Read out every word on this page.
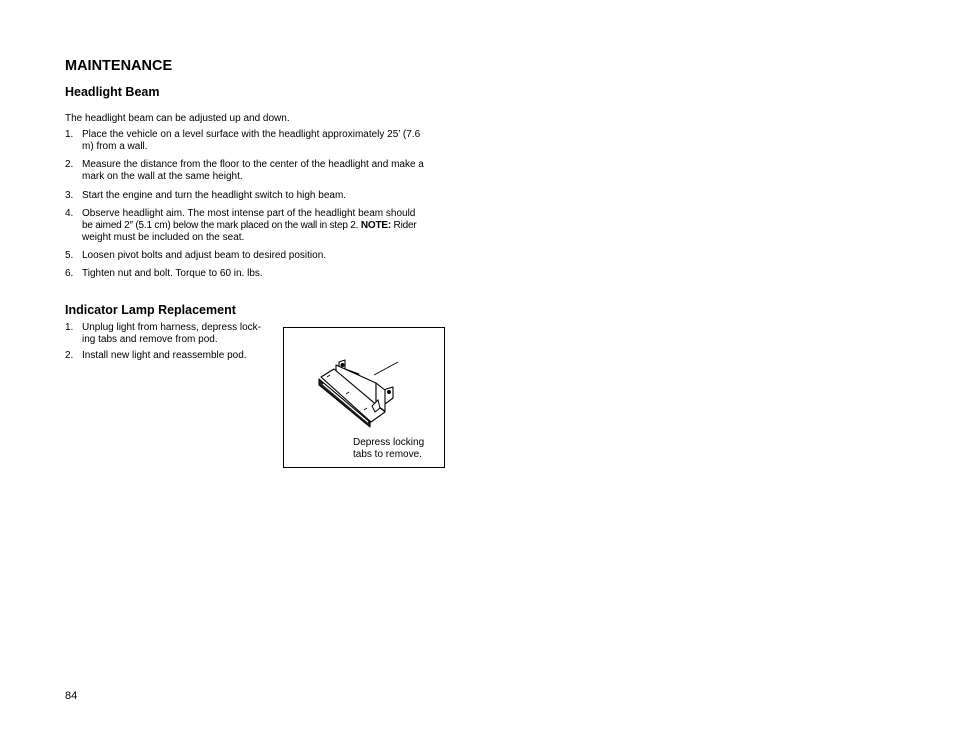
MAINTENANCE
Headlight Beam

The headlight beam can be adjusted up and down.

1. Place the vehicle on a level surface with the headlight approximately 25’ (7.6
m) from a wall.
2. Measure the distance from the floor to the center of the headlight and make a
mark on the wall at the same height.
3. Start the engine and turn the headlight switch to high beam.
4. Observe headlight aim. The most intense part of the headlight beam should
be aimed 2″ (5.1 cm) below the mark placed on the wall in step 2. NOTE: Rider
weight must be included on the seat.
5. Loosen pivot bolts and adjust beam to desired position.
6. Tighten nut and bolt. Torque to 60 in. lbs.
Indicator Lamp Replacement
1. Unplug light from harness, depress lock-
ing tabs and remove from pod.
2. Install new light and reassemble pod.
Depress locking
tabs to remove.
84
